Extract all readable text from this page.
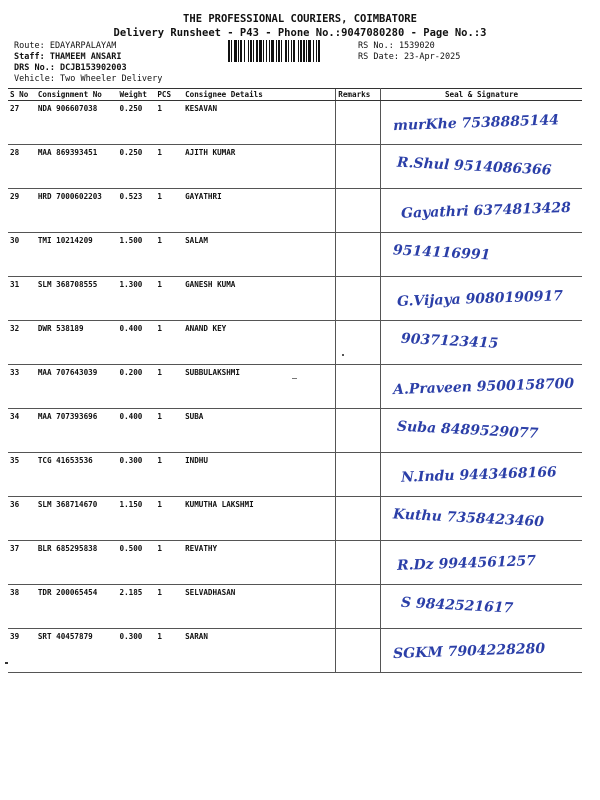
THE PROFESSIONAL COURIERS, COIMBATORE
Delivery Runsheet - P43 - Phone No.:9047080280 - Page No.:3
Route: EDAYARPALAYAM
Staff: THAMEEM ANSARI
DRS No.: DCJB153902003
Vehicle: Two Wheeler Delivery
RS No.: 1539020
RS Date: 23-Apr-2025
S No	Consignment No	Weight	PCS	Consignee Details	Remarks	Seal & Signature
27	NDA 906607038	0.250	1	KESAVAN		murKhe 7538885144

28	MAA 869393451	0.250	1	AJITH KUMAR		R.Shul 9514086366

29	HRD 7000602203	0.523	1	GAYATHRI		Gayathri 6374813428

30	TMI 10214209	1.500	1	SALAM		9514116991

31	SLM 368708555	1.300	1	GANESH KUMA		G.Vijaya 9080190917

32	DWR 538189	0.400	1	ANAND KEY		9037123415

33	MAA 707643039	0.200	1	SUBBULAKSHMI		A.Praveen 9500158700

34	MAA 707393696	0.400	1	SUBA		Suba 8489529077

35	TCG 41653536	0.300	1	INDHU		N.Indu 9443468166

36	SLM 368714670	1.150	1	KUMUTHA LAKSHMI		Kuthu 7358423460

37	BLR 685295838	0.500	1	REVATHY		R.Dz 9944561257

38	TDR 200065454	2.185	1	SELVADHASAN		S 9842521617

39	SRT 40457879	0.300	1	SARAN		SGKM 7904228280
